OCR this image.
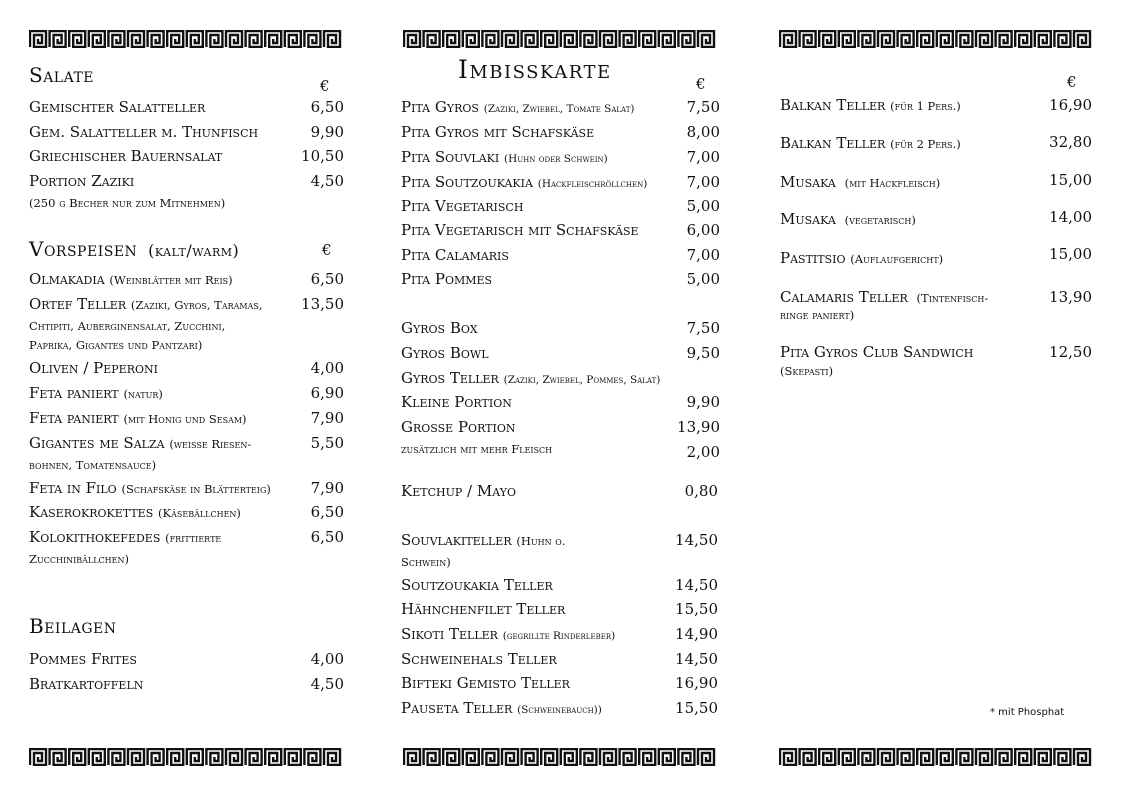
Salate	€
Gemischter Salatteller	6,50
Gem. Salatteller m. Thunfisch	9,90
Griechischer Bauernsalat	10,50
Portion Zaziki	4,50
(250 g Becher nur zum Mitnehmen)
Vorspeisen (kalt/warm)	€
Olmakadia (Weinblätter mit Reis)	6,50
Ortef Teller (Zaziki, Gyros, Taramas,	13,50
Chtipiti, Auberginensalat, Zucchini,
Paprika, Gigantes und Pantzari)
Oliven / Peperoni	4,00
Feta paniert (natur)	6,90
Feta paniert (mit Honig und Sesam)	7,90
Gigantes me Salza (weiße Riesen-	5,50
bohnen, Tomatensauce)
Feta in Filo (Schafskäse in Blätterteig)	7,90
Kaserokrokettes (Käsebällchen)	6,50
Kolokithokefedes (frittierte	6,50
Zucchinibällchen)
Beilagen
Pommes Frites	4,00
Bratkartoffeln	4,50
Imbisskarte	€
Pita Gyros (Zaziki, Zwiebel, Tomate Salat)	7,50
Pita Gyros mit Schafskäse	8,00
Pita Souvlaki (Huhn oder Schwein)	7,00
Pita Soutzoukakia (Hackfleischröllchen)	7,00
Pita Vegetarisch	5,00
Pita Vegetarisch mit Schafskäse	6,00
Pita Calamaris	7,00
Pita Pommes	5,00
Gyros Box	7,50
Gyros Bowl	9,50
Gyros Teller (Zaziki, Zwiebel, Pommes, Salat)
Kleine Portion	9,90
Grosse Portion	13,90
zusätzlich mit mehr Fleisch	2,00
Ketchup / Mayo	0,80
Souvlakiteller (Huhn o.	14,50
Schwein)
Soutzoukakia Teller	14,50
Hähnchenfilet Teller	15,50
Sikoti Teller (gegrillte Rinderleber)	14,90
Schweinehals Teller	14,50
Bifteki Gemisto Teller	16,90
Pauseta Teller (Schweinebauch))	15,50
€
Balkan Teller (für 1 Pers.)	16,90
Balkan Teller (für 2 Pers.)	32,80
Musaka (mit Hackfleisch)	15,00
Musaka (vegetarisch)	14,00
Pastitsio (Auflaufgericht)	15,00
Calamaris Teller (Tintenfisch-	13,90
ringe paniert)
Pita Gyros Club Sandwich	12,50
(Skepasti)
* mit Phosphat
